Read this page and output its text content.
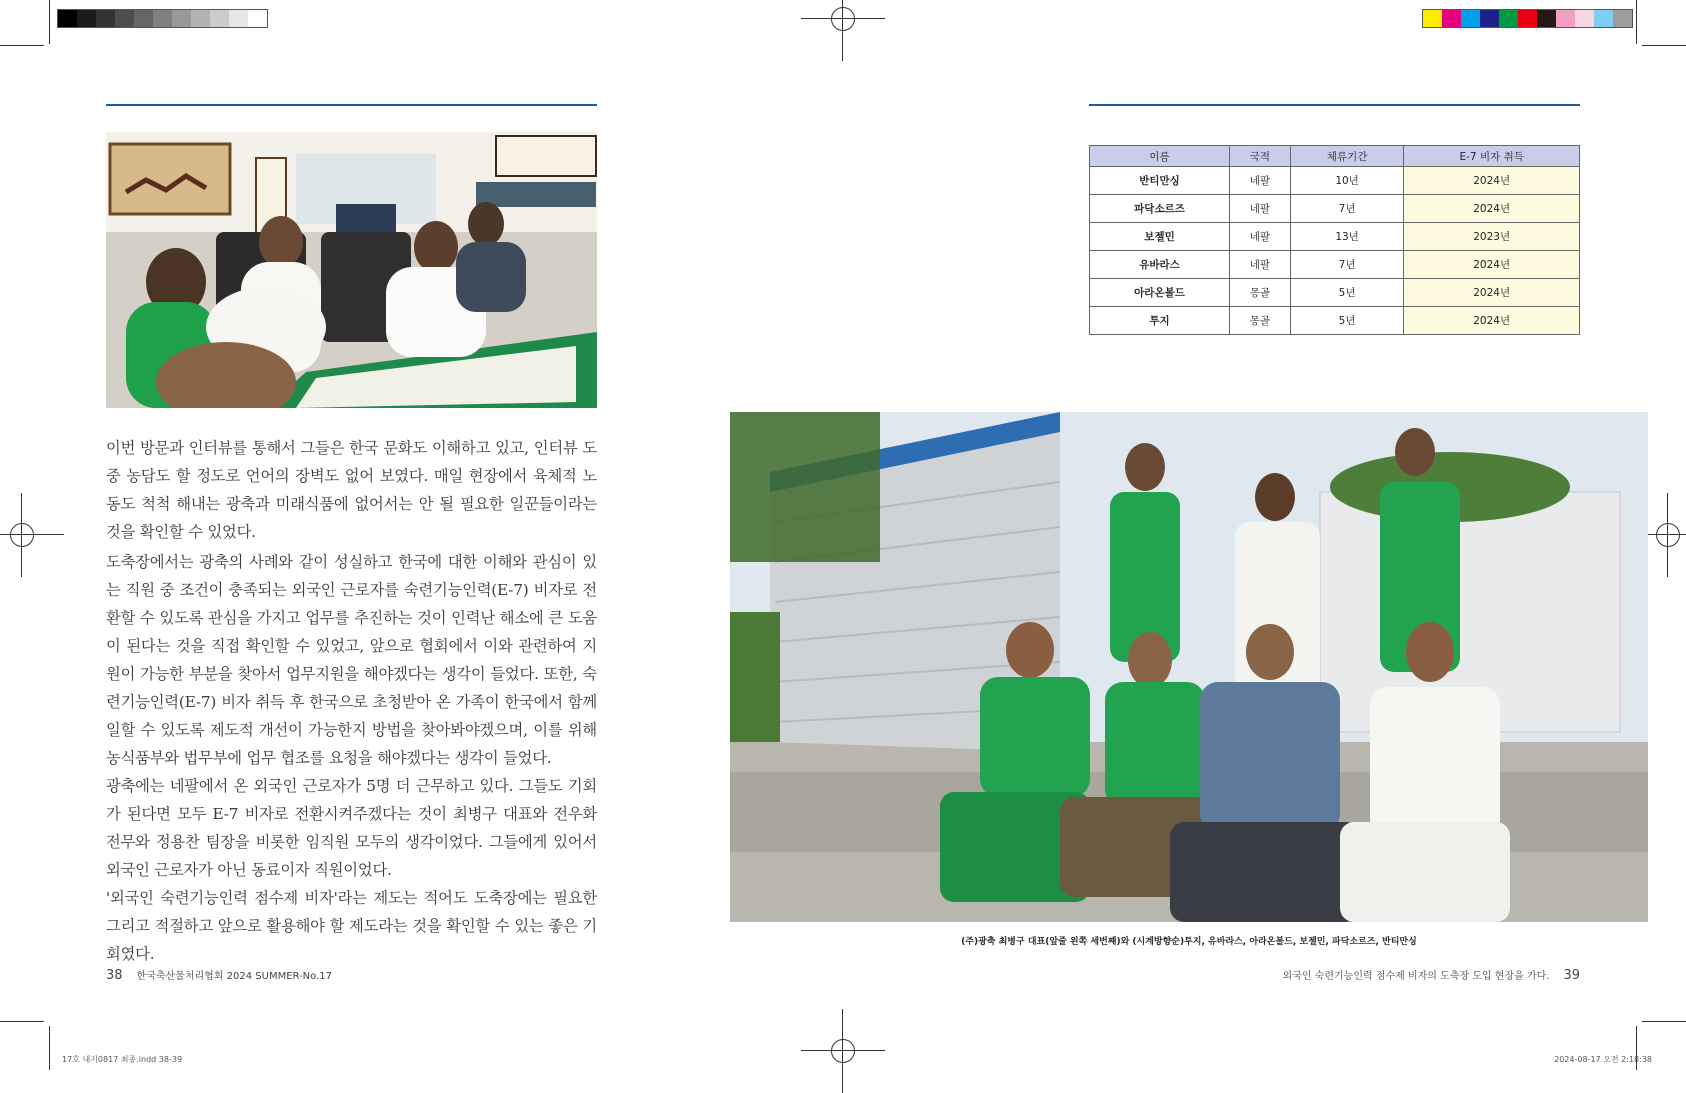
이번 방문과 인터뷰를 통해서 그들은 한국 문화도 이해하고 있고, 인터뷰 도중 농담도 할 정도로 언어의 장벽도 없어 보였다. 매일 현장에서 육체적 노동도 척척 해내는 광축과 미래식품에 없어서는 안 될 필요한 일꾼들이라는 것을 확인할 수 있었다.
도축장에서는 광축의 사례와 같이 성실하고 한국에 대한 이해와 관심이 있는 직원 중 조건이 충족되는 외국인 근로자를 숙련기능인력(E-7) 비자로 전환할 수 있도록 관심을 가지고 업무를 추진하는 것이 인력난 해소에 큰 도움이 된다는 것을 직접 확인할 수 있었고, 앞으로 협회에서 이와 관련하여 지원이 가능한 부분을 찾아서 업무지원을 해야겠다는 생각이 들었다. 또한, 숙련기능인력(E-7) 비자 취득 후 한국으로 초청받아 온 가족이 한국에서 함께 일할 수 있도록 제도적 개선이 가능한지 방법을 찾아봐야겠으며, 이를 위해 농식품부와 법무부에 업무 협조를 요청을 해야겠다는 생각이 들었다.
광축에는 네팔에서 온 외국인 근로자가 5명 더 근무하고 있다. 그들도 기회가 된다면 모두 E-7 비자로 전환시켜주겠다는 것이 최병구 대표와 전우화 전무와 정용찬 팀장을 비롯한 임직원 모두의 생각이었다. 그들에게 있어서 외국인 근로자가 아닌 동료이자 직원이었다.
'외국인 숙련기능인력 점수제 비자'라는 제도는 적어도 도축장에는 필요한 그리고 적절하고 앞으로 활용해야 할 제도라는 것을 확인할 수 있는 좋은 기회였다.
38 한국축산물처리협회 2024 SUMMER-No.17
이름	국적	체류기간	E-7 비자 취득
반티만싱	네팔	10년	2024년
파닥소르즈	네팔	7년	2024년
보젤민	네팔	13년	2023년
유바라스	네팔	7년	2024년
아라온볼드	몽골	5년	2024년
투지	몽골	5년	2024년
(주)광축 최병구 대표(앞줄 왼쪽 세번째)와 (시계방향순)투지, 유바라스, 아라온볼드, 보젤민, 파닥소르즈, 반티만싱
외국인 숙련기능인력 점수제 비자의 도축장 도입 현장을 가다. 39
17호 내지0817 최종.indd 38-39	2024-08-17 오전 2:18:38
